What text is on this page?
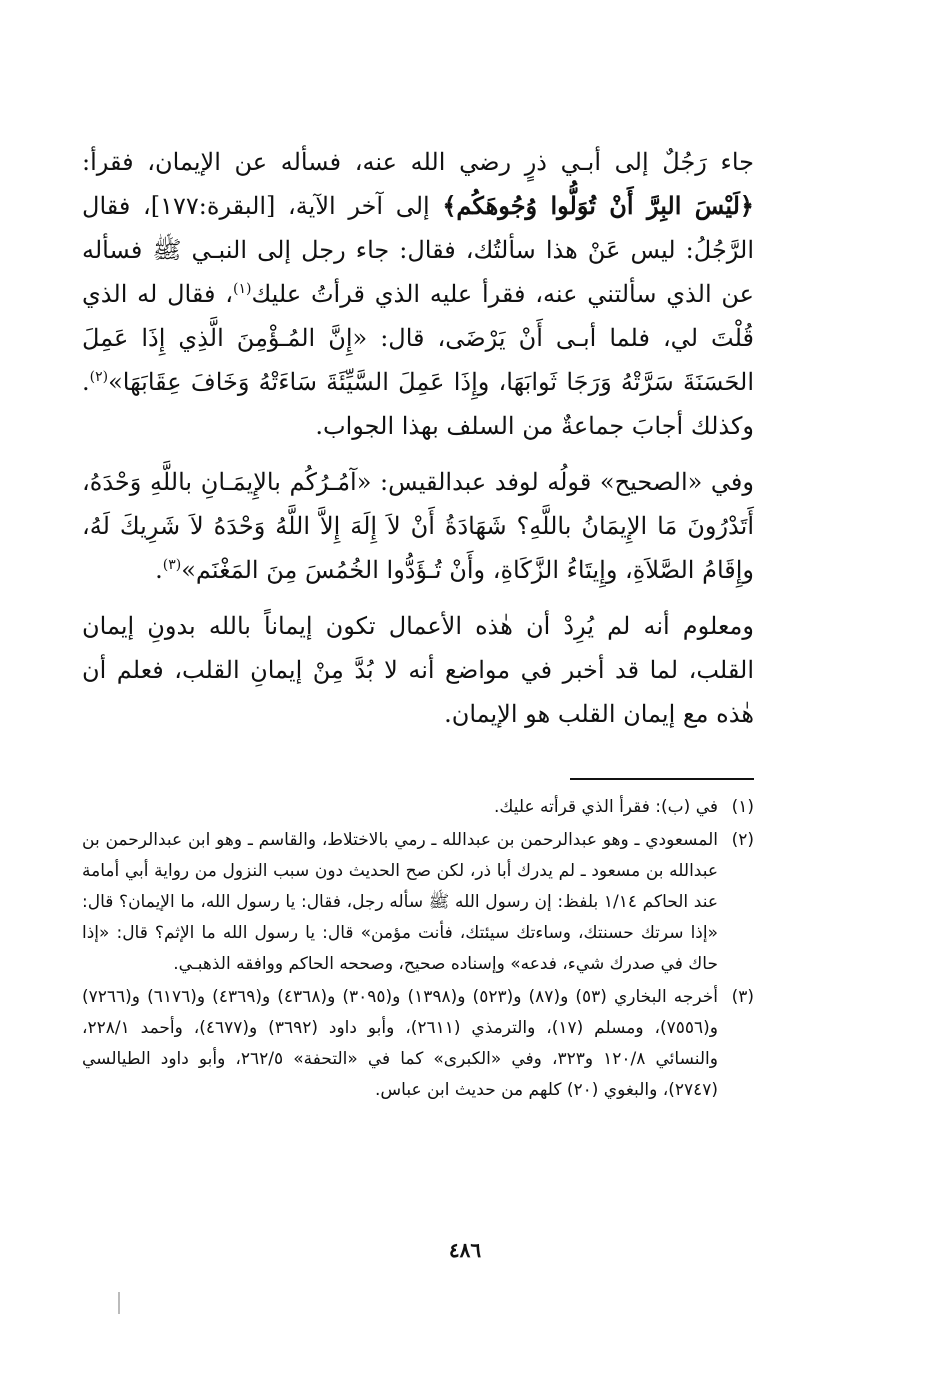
جاء رَجُلٌ إلى أبـي ذرٍ رضي الله عنه، فسأله عن الإيمان، فقرأ: ﴿لَيْسَ البِرَّ أَنْ تُوَلُّوا وُجُوهَكُم﴾ إلى آخر الآية، [البقرة:١٧٧]، فقال الرَّجُلُ: ليس عَنْ هذا سألتُك، فقال: جاء رجل إلى النبـي ﷺ فسأله عن الذي سألتني عنه، فقرأ عليه الذي قرأتُ عليك$^{(١)}$، فقال له الذي قُلْتَ لي، فلما أبـى أَنْ يَرْضَى، قال: «إِنَّ المُـؤْمِنَ الَّذِي إِذَا عَمِلَ الحَسَنَةَ سَرَّتْهُ وَرَجَا ثَوابَهَا، وإِذَا عَمِلَ السَّيِّئَةَ سَاءَتْهُ وَخَافَ عِقَابَهَا»$^{(٢)}$. وكذلك أجابَ جماعةٌ من السلف بهذا الجواب.

وفي «الصحيح» قولُه لوفد عبدالقيس: «آمُـرُكُم بالإِيمَـانِ باللَّهِ وَحْدَهُ، أَتَدْرُونَ مَا الإِيمَانُ باللَّهِ؟ شَهَادَةُ أَنْ لاَ إِلَهَ إِلاَّ اللَّهُ وَحْدَهُ لاَ شَرِيكَ لَهُ، وإِقَامُ الصَّلاَةِ، وإِيتَاءُ الزَّكَاةِ، وأَنْ تُـؤَدُّوا الخُمُسَ مِنَ المَغْنَم»$^{(٣)}$.

ومعلوم أنه لم يُرِدْ أن هٰذه الأعمال تكون إيماناً بالله بدونِ إيمان القلب، لما قد أخبر في مواضع أنه لا بُدَّ مِنْ إيمانِ القلب، فعلم أن هٰذه مع إيمان القلب هو الإيمان.

(١)
في (ب): فقرأ الذي قرأته عليك.
(٢)
المسعودي ـ وهو عبدالرحمن بن عبدالله ـ رمي بالاختلاط، والقاسم ـ وهو ابن عبدالرحمن بن عبدالله بن مسعود ـ لم يدرك أبا ذر، لكن صح الحديث دون سبب النزول من رواية أبي أمامة عند الحاكم ١/١٤ بلفظ: إن رسول الله ﷺ سأله رجل، فقال: يا رسول الله، ما الإيمان؟ قال: «إذا سرتك حسنتك، وساءتك سيئتك، فأنت مؤمن» قال: يا رسول الله ما الإثم؟ قال: «إذا حاك في صدرك شيء، فدعه» وإسناده صحيح، وصححه الحاكم ووافقه الذهبـي.
(٣)
أخرجه البخاري (٥٣) و(٨٧) و(٥٢٣) و(١٣٩٨) و(٣٠٩٥) و(٤٣٦٨) و(٤٣٦٩) و(٦١٧٦) و(٧٢٦٦) و(٧٥٥٦)، ومسلم (١٧)، والترمذي (٢٦١١)، وأبو داود (٣٦٩٢) و(٤٦٧٧)، وأحمد ٢٢٨/١، والنسائي ١٢٠/٨ و٣٢٣، وفي «الكبرى» كما في «التحفة» ٢٦٢/٥، وأبو داود الطيالسي (٢٧٤٧)، والبغوي (٢٠) كلهم من حديث ابن عباس.
٤٨٦
